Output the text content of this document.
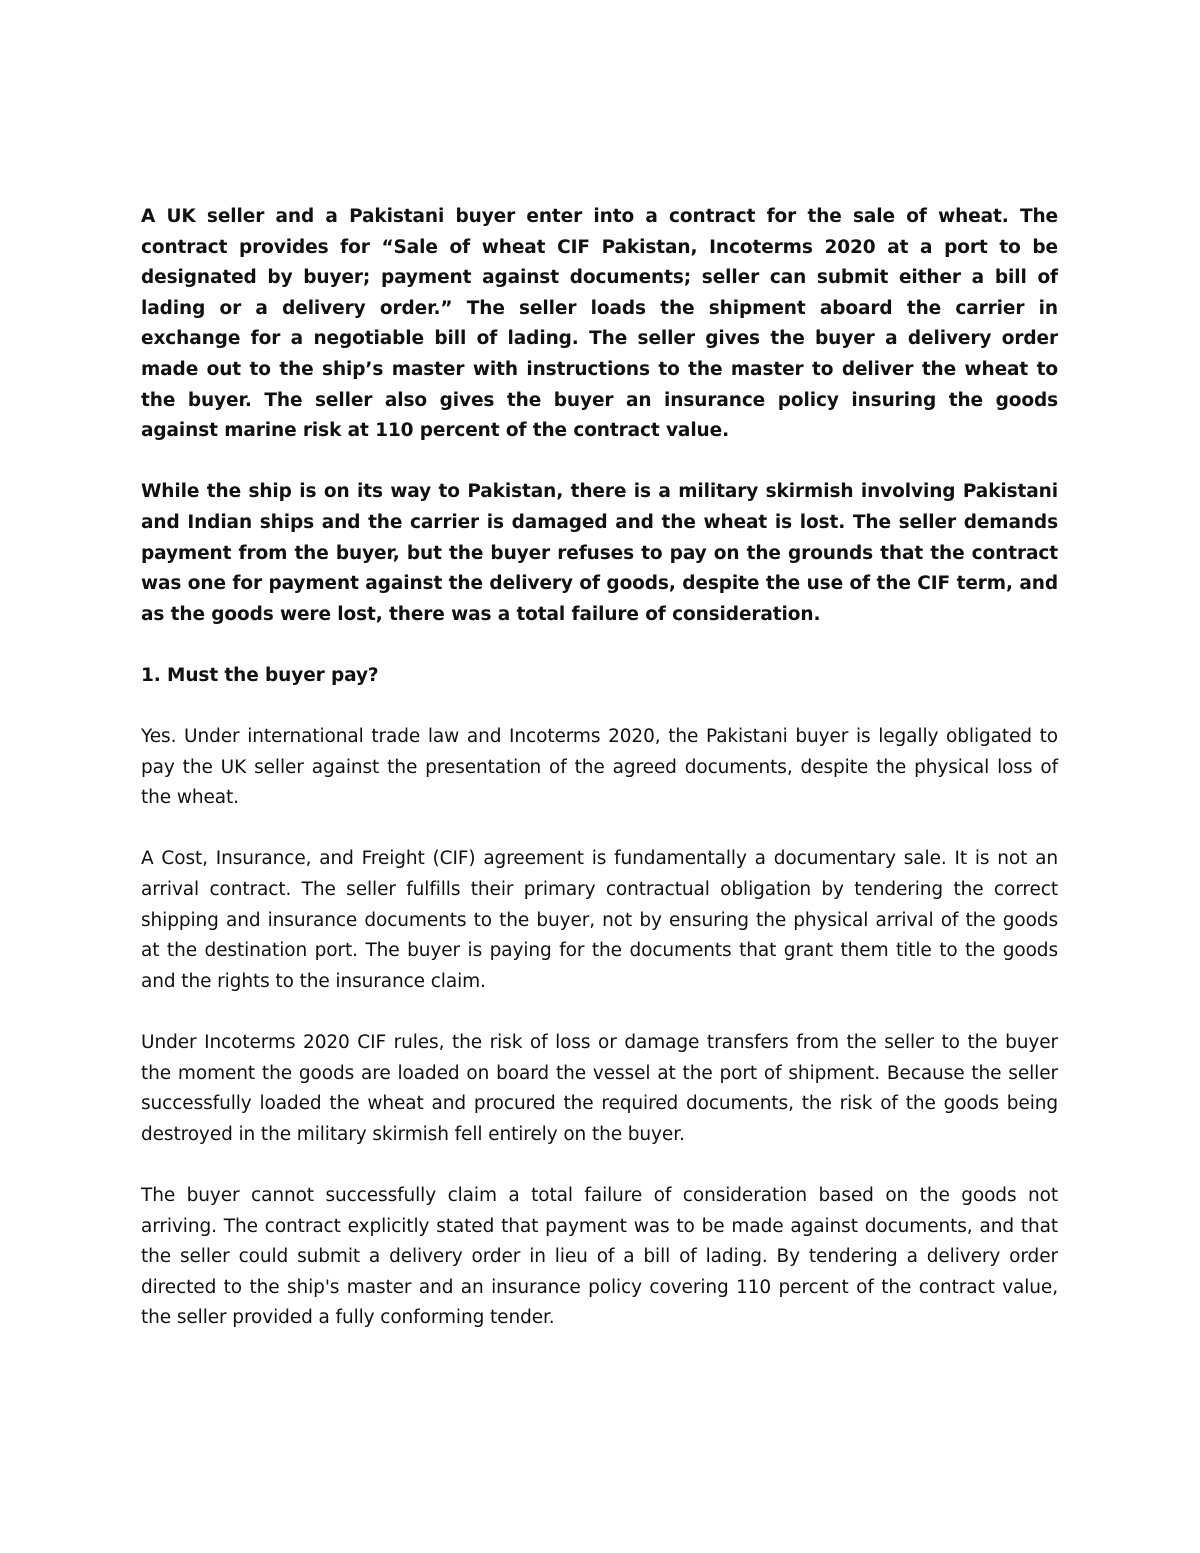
A UK seller and a Pakistani buyer enter into a contract for the sale of wheat. The contract provides for “Sale of wheat CIF Pakistan, Incoterms 2020 at a port to be designated by buyer; payment against documents; seller can submit either a bill of lading or a delivery order.” The seller loads the shipment aboard the carrier in exchange for a negotiable bill of lading. The seller gives the buyer a delivery order made out to the ship’s master with instructions to the master to deliver the wheat to the buyer. The seller also gives the buyer an insurance policy insuring the goods against marine risk at 110 percent of the contract value.

While the ship is on its way to Pakistan, there is a military skirmish involving Pakistani and Indian ships and the carrier is damaged and the wheat is lost. The seller demands payment from the buyer, but the buyer refuses to pay on the grounds that the contract was one for payment against the delivery of goods, despite the use of the CIF term, and as the goods were lost, there was a total failure of consideration.

1. Must the buyer pay?

Yes. Under international trade law and Incoterms 2020, the Pakistani buyer is legally obligated to pay the UK seller against the presentation of the agreed documents, despite the physical loss of the wheat.

A Cost, Insurance, and Freight (CIF) agreement is fundamentally a documentary sale. It is not an arrival contract. The seller fulfills their primary contractual obligation by tendering the correct shipping and insurance documents to the buyer, not by ensuring the physical arrival of the goods at the destination port. The buyer is paying for the documents that grant them title to the goods and the rights to the insurance claim.

Under Incoterms 2020 CIF rules, the risk of loss or damage transfers from the seller to the buyer the moment the goods are loaded on board the vessel at the port of shipment. Because the seller successfully loaded the wheat and procured the required documents, the risk of the goods being destroyed in the military skirmish fell entirely on the buyer.

The buyer cannot successfully claim a total failure of consideration based on the goods not arriving. The contract explicitly stated that payment was to be made against documents, and that the seller could submit a delivery order in lieu of a bill of lading. By tendering a delivery order directed to the ship's master and an insurance policy covering 110 percent of the contract value, the seller provided a fully conforming tender.
